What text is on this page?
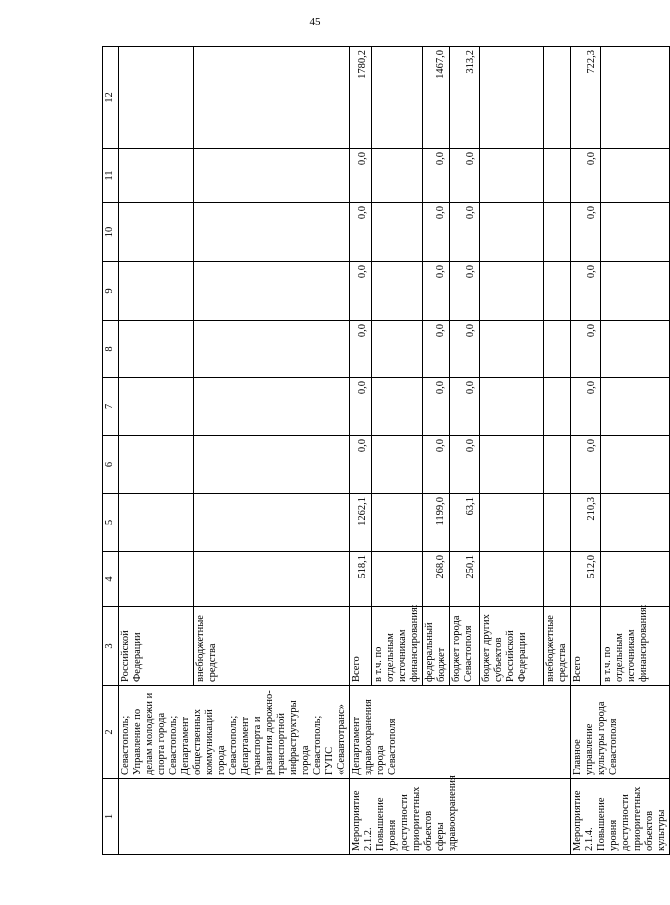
45
1	2	3	4	5	6	7	8	9	10	11	12
	Севастополь; Управление по делам молодежи и спорта города Севастополь; Департамент общественных коммуникаций города Севастополь; Департамент транспорта и развития дорожно-транспортной инфраструктуры города Севастополь; ГУПС «Севавтотранс»	Российской Федерации									
		внебюджетные средства									
Мероприятие 2.1.2. Повышение уровня доступности приоритетных объектов сферы здравоохранения	Департамент здравоохранения города Севастополя	Всего	518,1	1262,1	0,0	0,0	0,0	0,0	0,0	0,0	1780,2
		в т.ч. по отдельным источникам финансирования:									
		федеральный бюджет	268,0	1199,0	0,0	0,0	0,0	0,0	0,0	0,0	1467,0
		бюджет города Севастополя	250,1	63,1	0,0	0,0	0,0	0,0	0,0	0,0	313,2
		бюджет других субъектов Российской Федерации									
		внебюджетные средства									
Мероприятие 2.1.4. Повышение уровня доступности приоритетных объектов культуры	Главное управление культуры города Севастополя	Всего	512,0	210,3	0,0	0,0	0,0	0,0	0,0	0,0	722,3
		в т.ч. по отдельным источникам финансирования:									
